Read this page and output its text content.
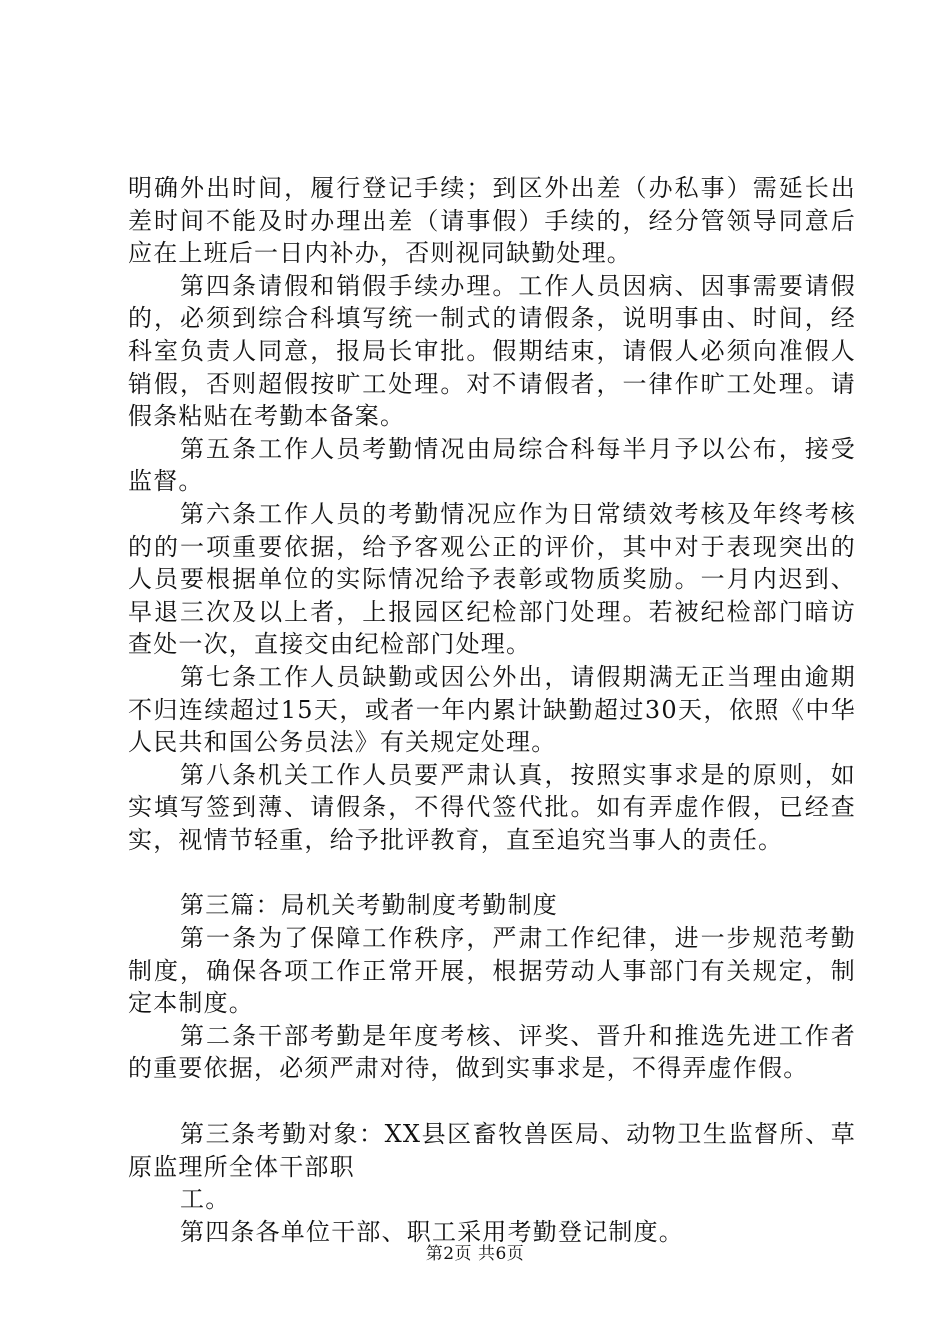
明确外出时间，履行登记手续；到区外出差（办私事）需延长出差时间不能及时办理出差（请事假）手续的，经分管领导同意后应在上班后一日内补办，否则视同缺勤处理。

第四条请假和销假手续办理。工作人员因病、因事需要请假的，必须到综合科填写统一制式的请假条，说明事由、时间，经科室负责人同意，报局长审批。假期结束，请假人必须向准假人销假，否则超假按旷工处理。对不请假者，一律作旷工处理。请假条粘贴在考勤本备案。

第五条工作人员考勤情况由局综合科每半月予以公布，接受监督。

第六条工作人员的考勤情况应作为日常绩效考核及年终考核的的一项重要依据，给予客观公正的评价，其中对于表现突出的人员要根据单位的实际情况给予表彰或物质奖励。一月内迟到、早退三次及以上者，上报园区纪检部门处理。若被纪检部门暗访查处一次，直接交由纪检部门处理。

第七条工作人员缺勤或因公外出，请假期满无正当理由逾期不归连续超过15天，或者一年内累计缺勤超过30天，依照《中华人民共和国公务员法》有关规定处理。

第八条机关工作人员要严肃认真，按照实事求是的原则，如实填写签到薄、请假条，不得代签代批。如有弄虚作假，已经查实，视情节轻重，给予批评教育，直至追究当事人的责任。

第三篇：局机关考勤制度考勤制度

第一条为了保障工作秩序，严肃工作纪律，进一步规范考勤制度，确保各项工作正常开展，根据劳动人事部门有关规定，制定本制度。

第二条干部考勤是年度考核、评奖、晋升和推选先进工作者的重要依据，必须严肃对待，做到实事求是，不得弄虚作假。

第三条考勤对象：XX县区畜牧兽医局、动物卫生监督所、草原监理所全体干部职

工。

第四条各单位干部、职工采用考勤登记制度。

第2页 共6页
